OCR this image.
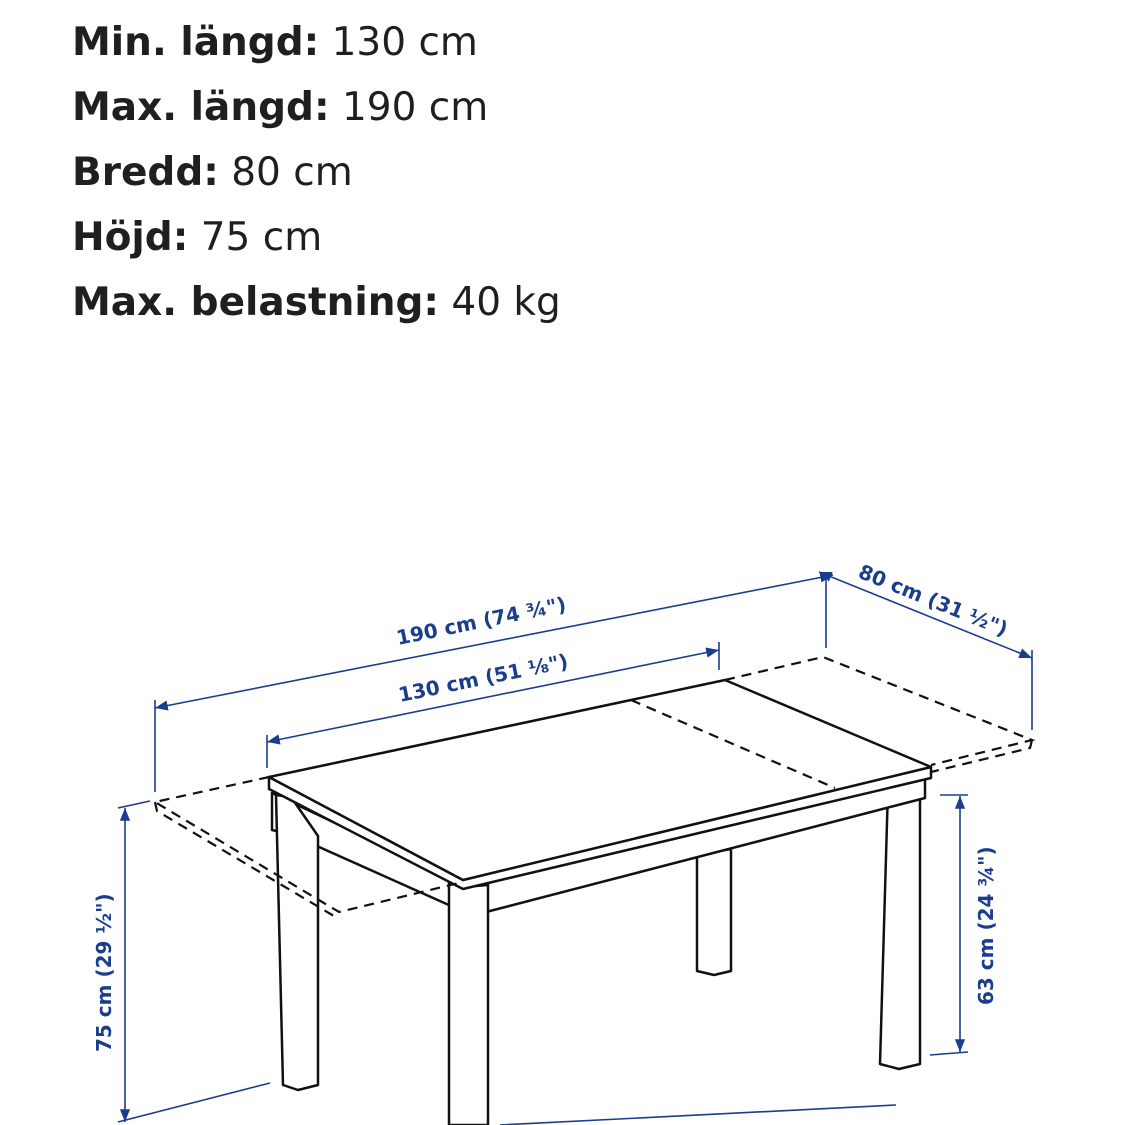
Min. längd: 130 cm
Max. längd: 190 cm
Bredd: 80 cm
Höjd: 75 cm
Max. belastning: 40 kg
190 cm (74 ¾")
130 cm (51 ⅛")
80 cm (31 ½")
75 cm (29 ½")	63 cm (24 ¾")
